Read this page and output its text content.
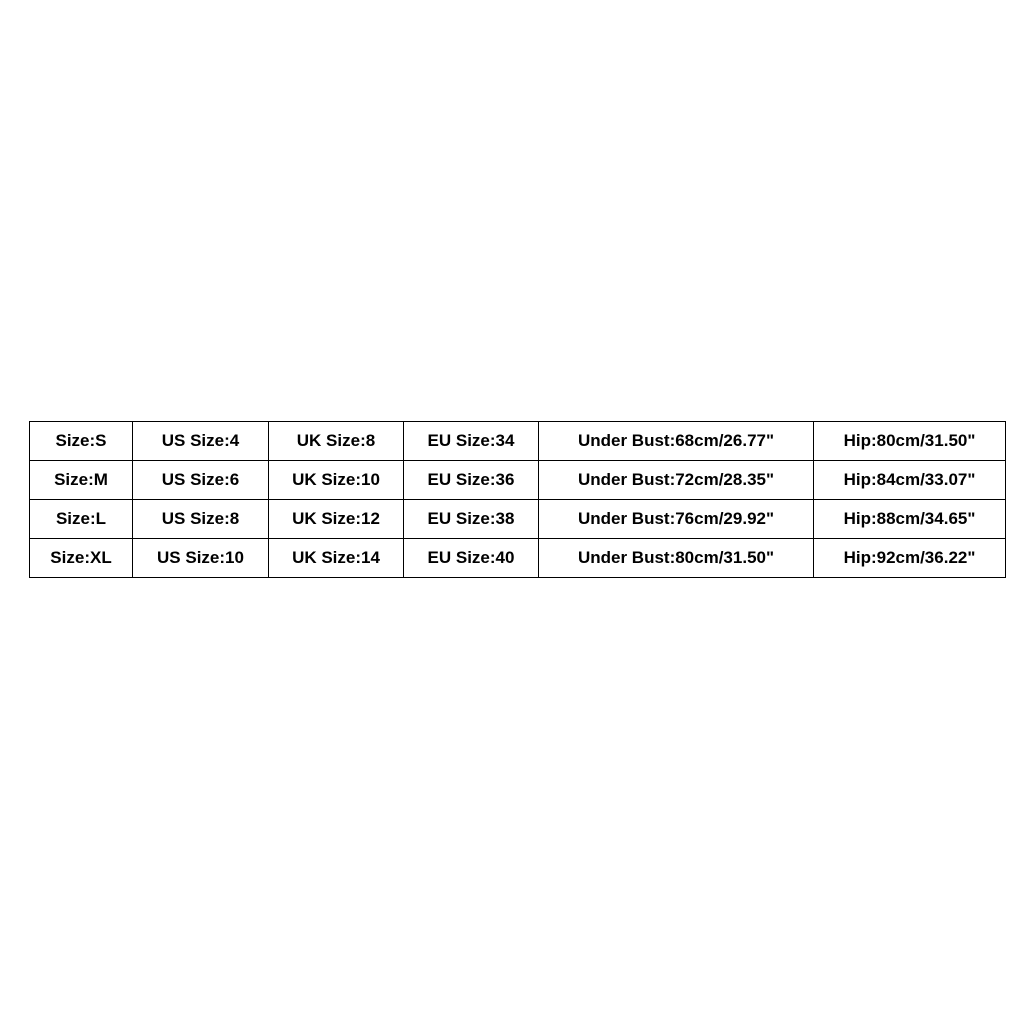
Size:S	US Size:4	UK Size:8	EU Size:34	Under Bust:68cm/26.77"	Hip:80cm/31.50"
Size:M	US Size:6	UK Size:10	EU Size:36	Under Bust:72cm/28.35"	Hip:84cm/33.07"
Size:L	US Size:8	UK Size:12	EU Size:38	Under Bust:76cm/29.92"	Hip:88cm/34.65"
Size:XL	US Size:10	UK Size:14	EU Size:40	Under Bust:80cm/31.50"	Hip:92cm/36.22"
